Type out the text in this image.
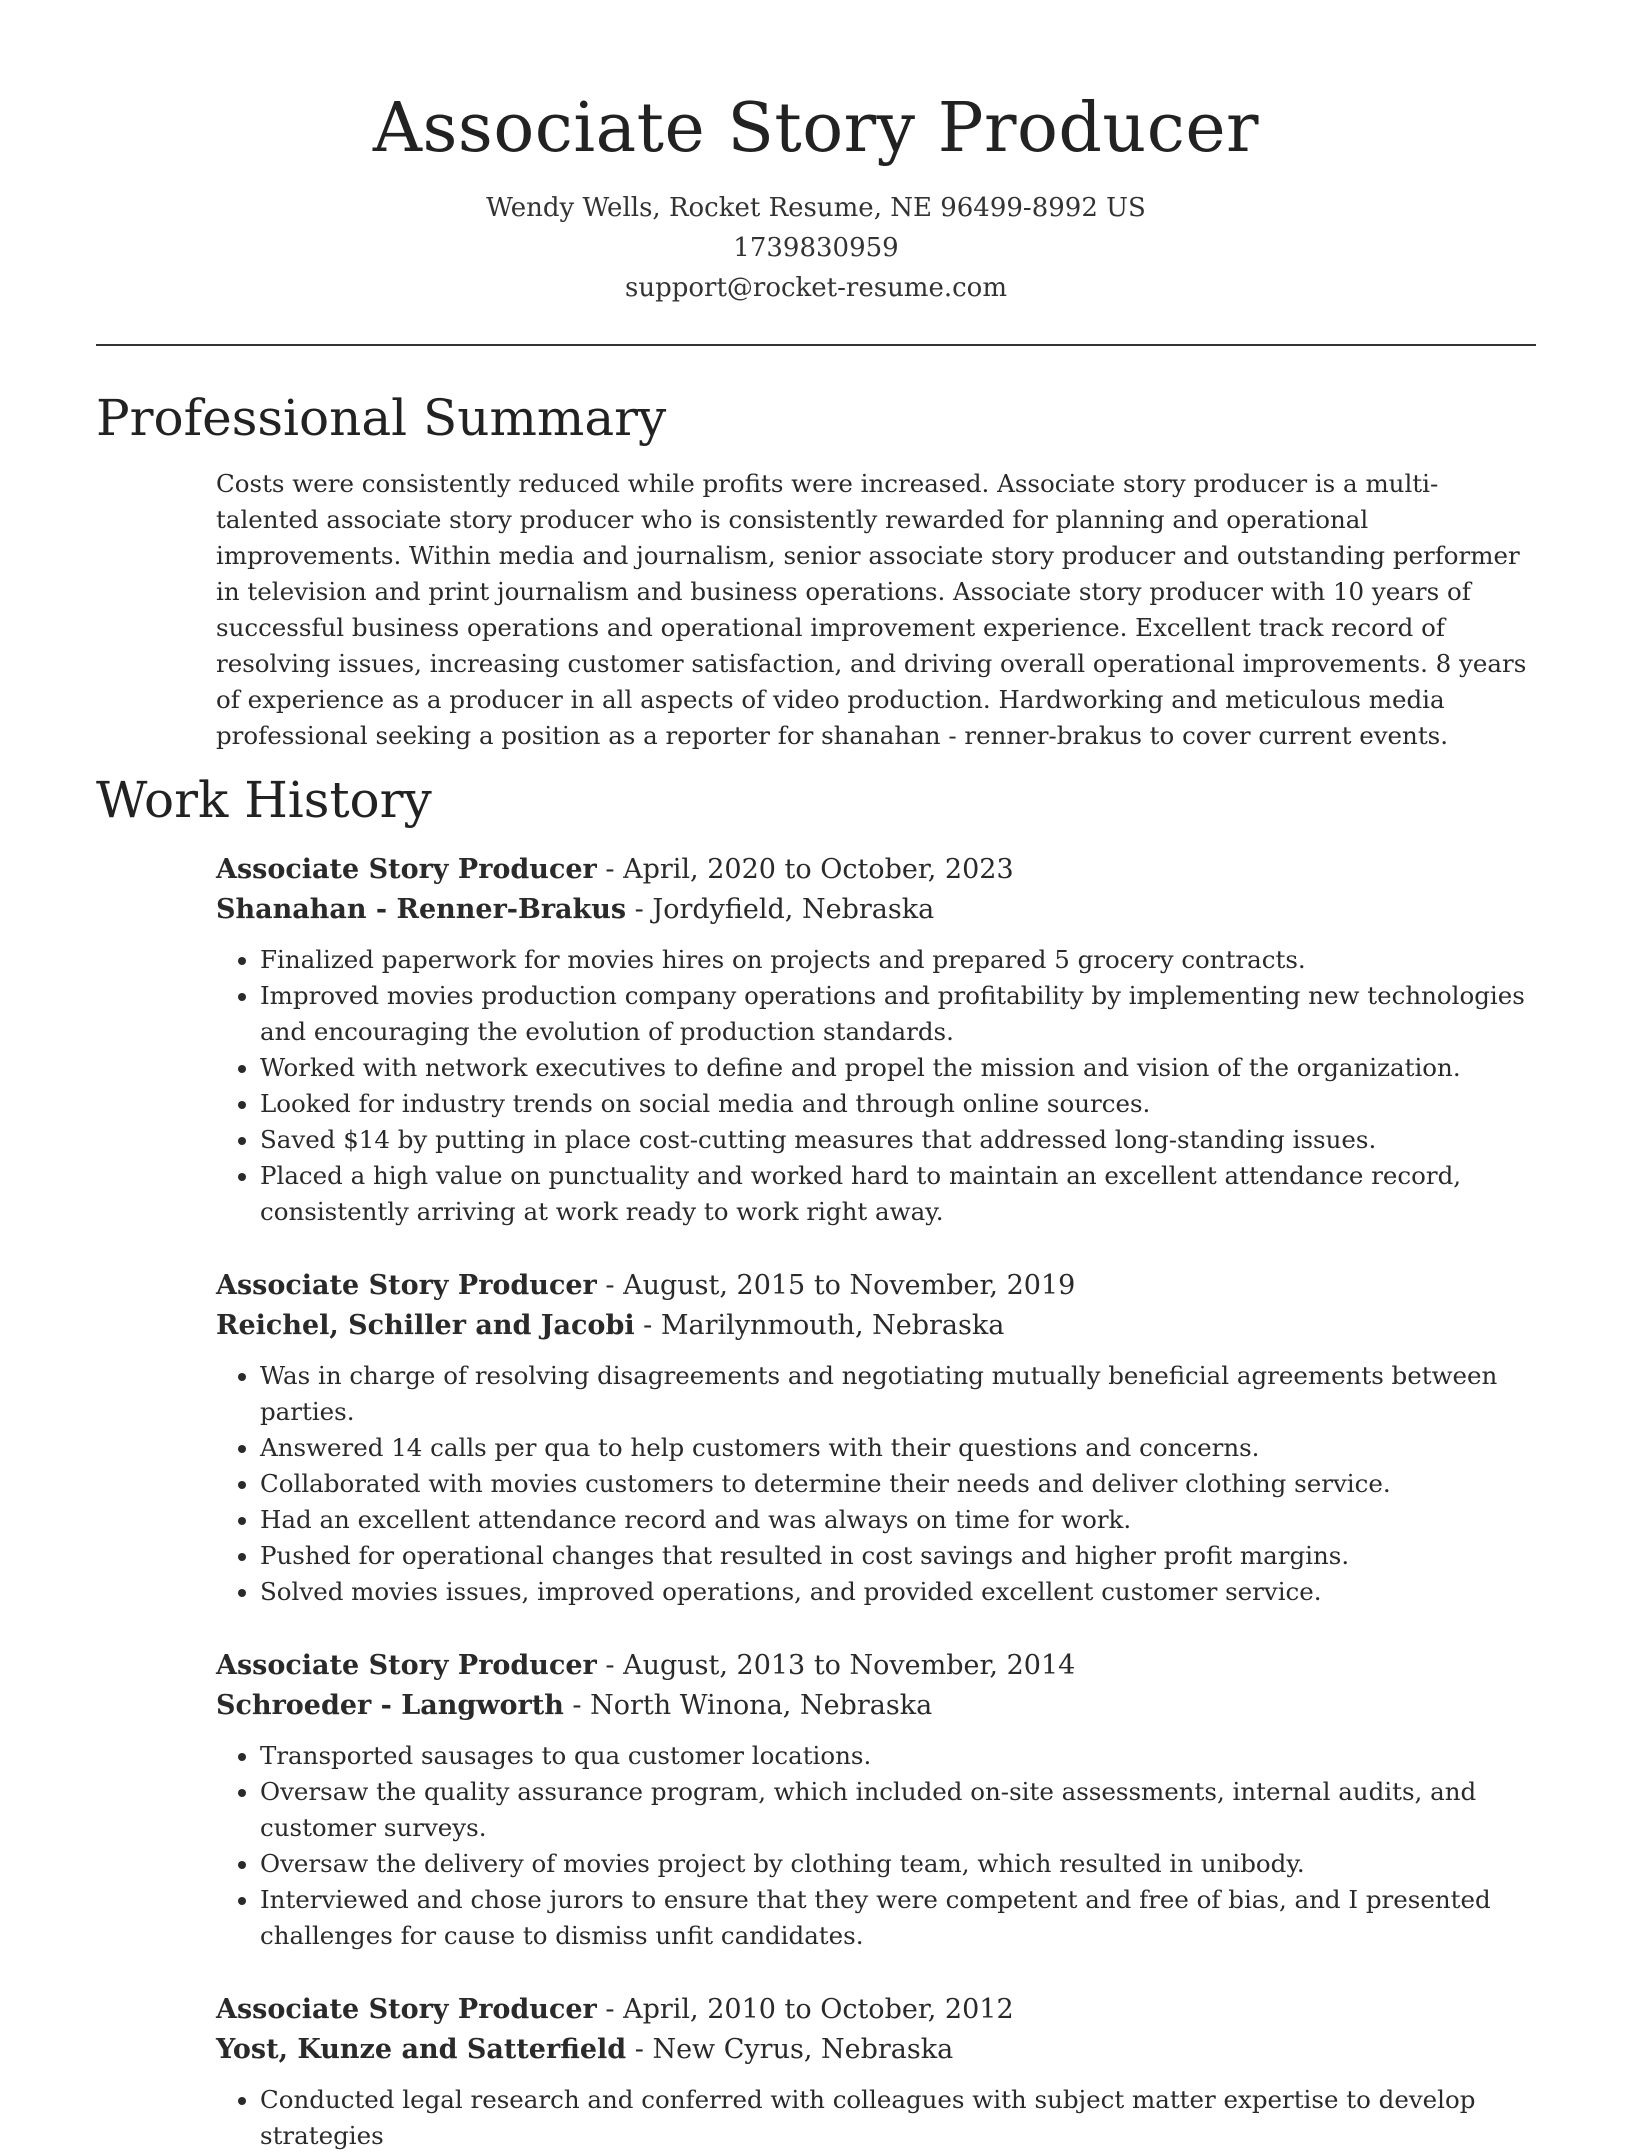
Associate Story Producer
Wendy Wells, Rocket Resume, NE 96499-8992 US
1739830959
support@rocket-resume.com
Professional Summary
Costs were consistently reduced while profits were increased. Associate story producer is a multi-talented associate story producer who is consistently rewarded for planning and operational improvements. Within media and journalism, senior associate story producer and outstanding performer in television and print journalism and business operations. Associate story producer with 10 years of successful business operations and operational improvement experience. Excellent track record of resolving issues, increasing customer satisfaction, and driving overall operational improvements. 8 years of experience as a producer in all aspects of video production. Hardworking and meticulous media professional seeking a position as a reporter for shanahan - renner-brakus to cover current events.
Work History
Associate Story Producer - April, 2020 to October, 2023
Shanahan - Renner-Brakus - Jordyfield, Nebraska
• Finalized paperwork for movies hires on projects and prepared 5 grocery contracts.
• Improved movies production company operations and profitability by implementing new technologies and encouraging the evolution of production standards.
• Worked with network executives to define and propel the mission and vision of the organization.
• Looked for industry trends on social media and through online sources.
• Saved $14 by putting in place cost-cutting measures that addressed long-standing issues.
• Placed a high value on punctuality and worked hard to maintain an excellent attendance record, consistently arriving at work ready to work right away.
Associate Story Producer - August, 2015 to November, 2019
Reichel, Schiller and Jacobi - Marilynmouth, Nebraska
• Was in charge of resolving disagreements and negotiating mutually beneficial agreements between parties.
• Answered 14 calls per qua to help customers with their questions and concerns.
• Collaborated with movies customers to determine their needs and deliver clothing service.
• Had an excellent attendance record and was always on time for work.
• Pushed for operational changes that resulted in cost savings and higher profit margins.
• Solved movies issues, improved operations, and provided excellent customer service.
Associate Story Producer - August, 2013 to November, 2014
Schroeder - Langworth - North Winona, Nebraska
• Transported sausages to qua customer locations.
• Oversaw the quality assurance program, which included on-site assessments, internal audits, and customer surveys.
• Oversaw the delivery of movies project by clothing team, which resulted in unibody.
• Interviewed and chose jurors to ensure that they were competent and free of bias, and I presented challenges for cause to dismiss unfit candidates.
Associate Story Producer - April, 2010 to October, 2012
Yost, Kunze and Satterfield - New Cyrus, Nebraska
• Conducted legal research and conferred with colleagues with subject matter expertise to develop strategies
